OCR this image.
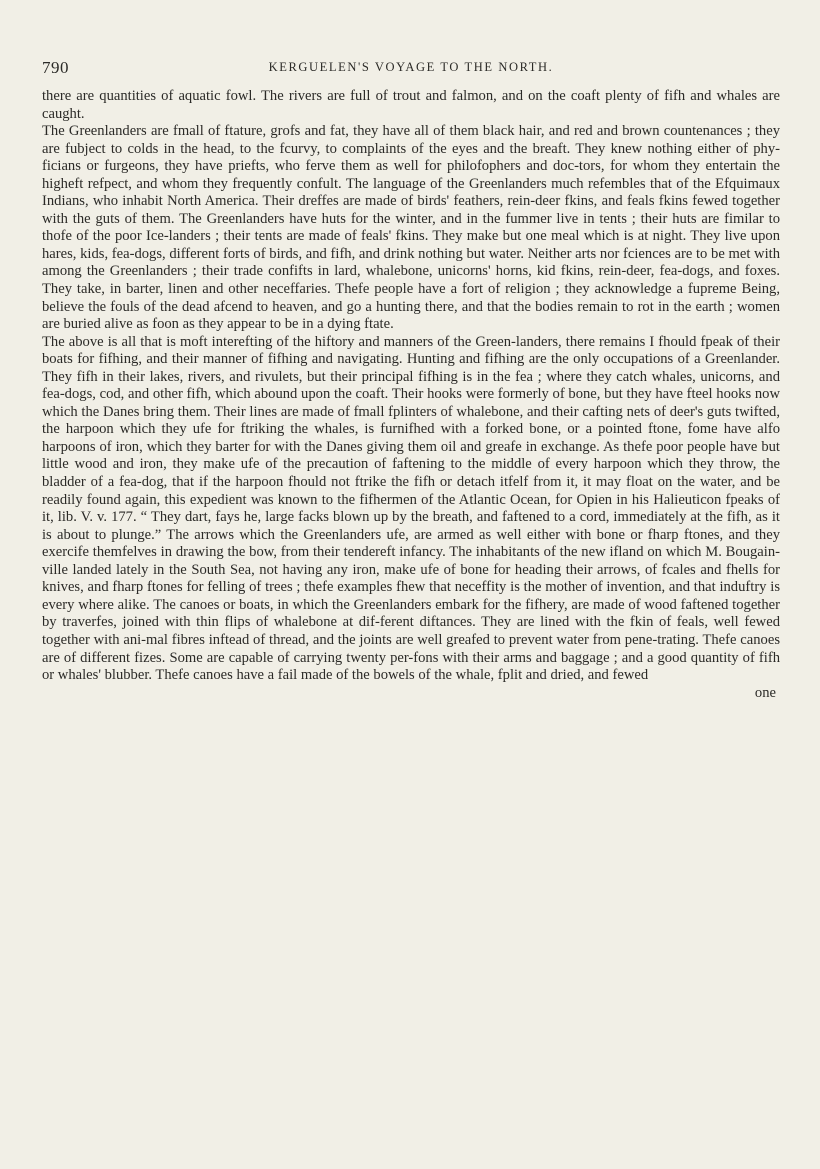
790	KERGUELEN'S VOYAGE TO THE NORTH.

there are quantities of aquatic fowl. The rivers are full of trout and falmon, and on the coaft plenty of fifh and whales are caught.

The Greenlanders are fmall of ftature, grofs and fat, they have all of them black hair, and red and brown countenances ; they are fubject to colds in the head, to the fcurvy, to complaints of the eyes and the breaft. They knew nothing either of phy-ficians or furgeons, they have priefts, who ferve them as well for philofophers and doc-tors, for whom they entertain the higheft refpect, and whom they frequently confult. The language of the Greenlanders much refembles that of the Efquimaux Indians, who inhabit North America. Their dreffes are made of birds' feathers, rein-deer fkins, and feals fkins fewed together with the guts of them. The Greenlanders have huts for the winter, and in the fummer live in tents ; their huts are fimilar to thofe of the poor Ice-landers ; their tents are made of feals' fkins. They make but one meal which is at night. They live upon hares, kids, fea-dogs, different forts of birds, and fifh, and drink nothing but water. Neither arts nor fciences are to be met with among the Greenlanders ; their trade confifts in lard, whalebone, unicorns' horns, kid fkins, rein-deer, fea-dogs, and foxes. They take, in barter, linen and other neceffaries. Thefe people have a fort of religion ; they acknowledge a fupreme Being, believe the fouls of the dead afcend to heaven, and go a hunting there, and that the bodies remain to rot in the earth ; women are buried alive as foon as they appear to be in a dying ftate.

The above is all that is moft interefting of the hiftory and manners of the Green-landers, there remains I fhould fpeak of their boats for fifhing, and their manner of fifhing and navigating. Hunting and fifhing are the only occupations of a Greenlander. They fifh in their lakes, rivers, and rivulets, but their principal fifhing is in the fea ; where they catch whales, unicorns, and fea-dogs, cod, and other fifh, which abound upon the coaft. Their hooks were formerly of bone, but they have fteel hooks now which the Danes bring them. Their lines are made of fmall fplinters of whalebone, and their cafting nets of deer's guts twifted, the harpoon which they ufe for ftriking the whales, is furnifhed with a forked bone, or a pointed ftone, fome have alfo harpoons of iron, which they barter for with the Danes giving them oil and greafe in exchange. As thefe poor people have but little wood and iron, they make ufe of the precaution of faftening to the middle of every harpoon which they throw, the bladder of a fea-dog, that if the harpoon fhould not ftrike the fifh or detach itfelf from it, it may float on the water, and be readily found again, this expedient was known to the fifhermen of the Atlantic Ocean, for Opien in his Halieuticon fpeaks of it, lib. V. v. 177. “ They dart, fays he, large facks blown up by the breath, and faftened to a cord, immediately at the fifh, as it is about to plunge.” The arrows which the Greenlanders ufe, are armed as well either with bone or fharp ftones, and they exercife themfelves in drawing the bow, from their tendereft infancy. The inhabitants of the new ifland on which M. Bougain-ville landed lately in the South Sea, not having any iron, make ufe of bone for heading their arrows, of fcales and fhells for knives, and fharp ftones for felling of trees ; thefe examples fhew that neceffity is the mother of invention, and that induftry is every where alike. The canoes or boats, in which the Greenlanders embark for the fifhery, are made of wood faftened together by traverfes, joined with thin flips of whalebone at dif-ferent diftances. They are lined with the fkin of feals, well fewed together with ani-mal fibres inftead of thread, and the joints are well greafed to prevent water from pene-trating. Thefe canoes are of different fizes. Some are capable of carrying twenty per-fons with their arms and baggage ; and a good quantity of fifh or whales' blubber. Thefe canoes have a fail made of the bowels of the whale, fplit and dried, and fewed

one
